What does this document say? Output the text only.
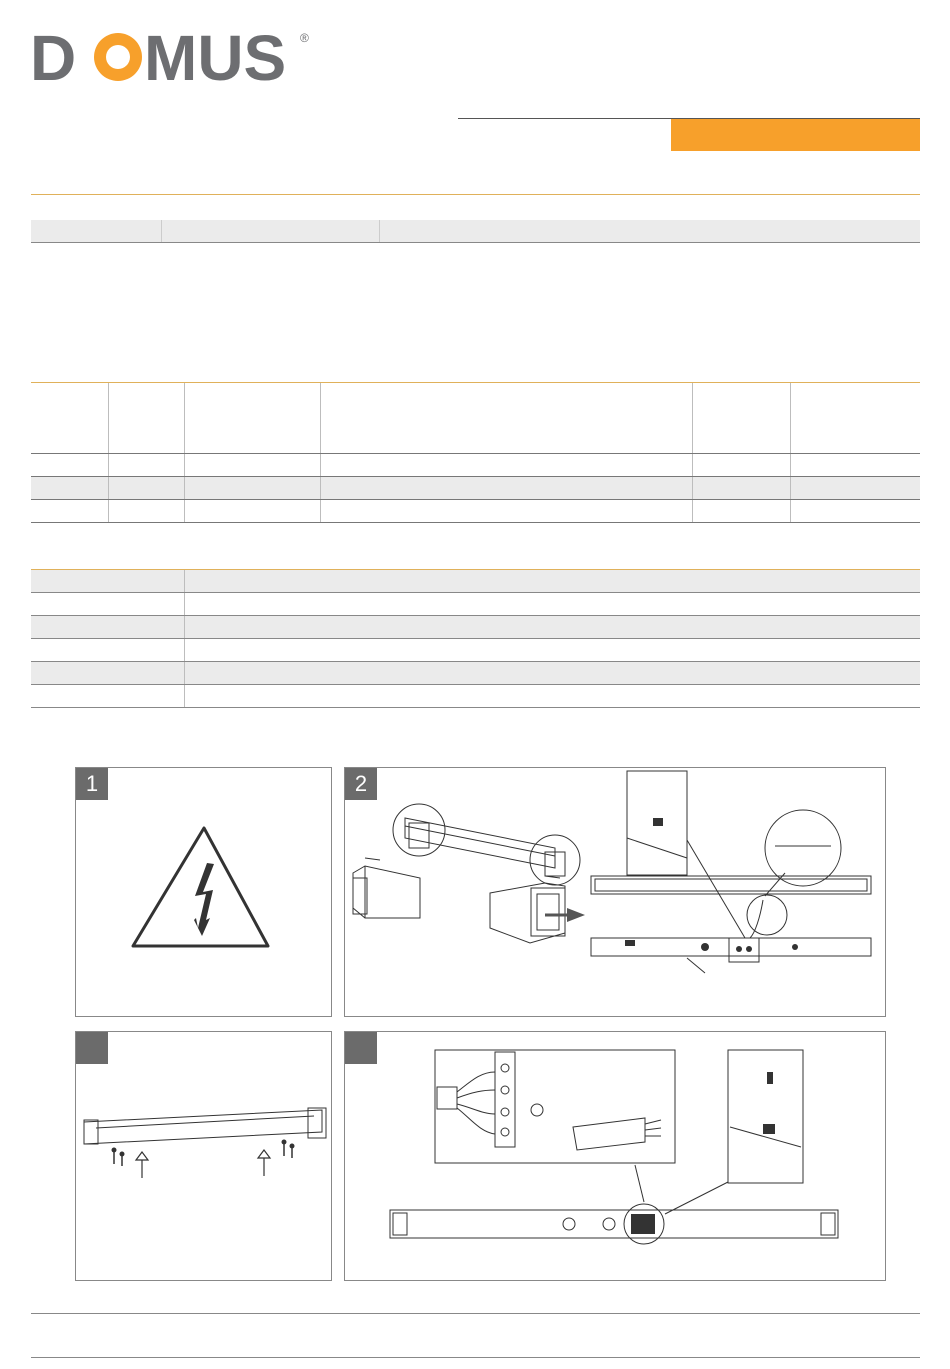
D MUS ®

1	2
